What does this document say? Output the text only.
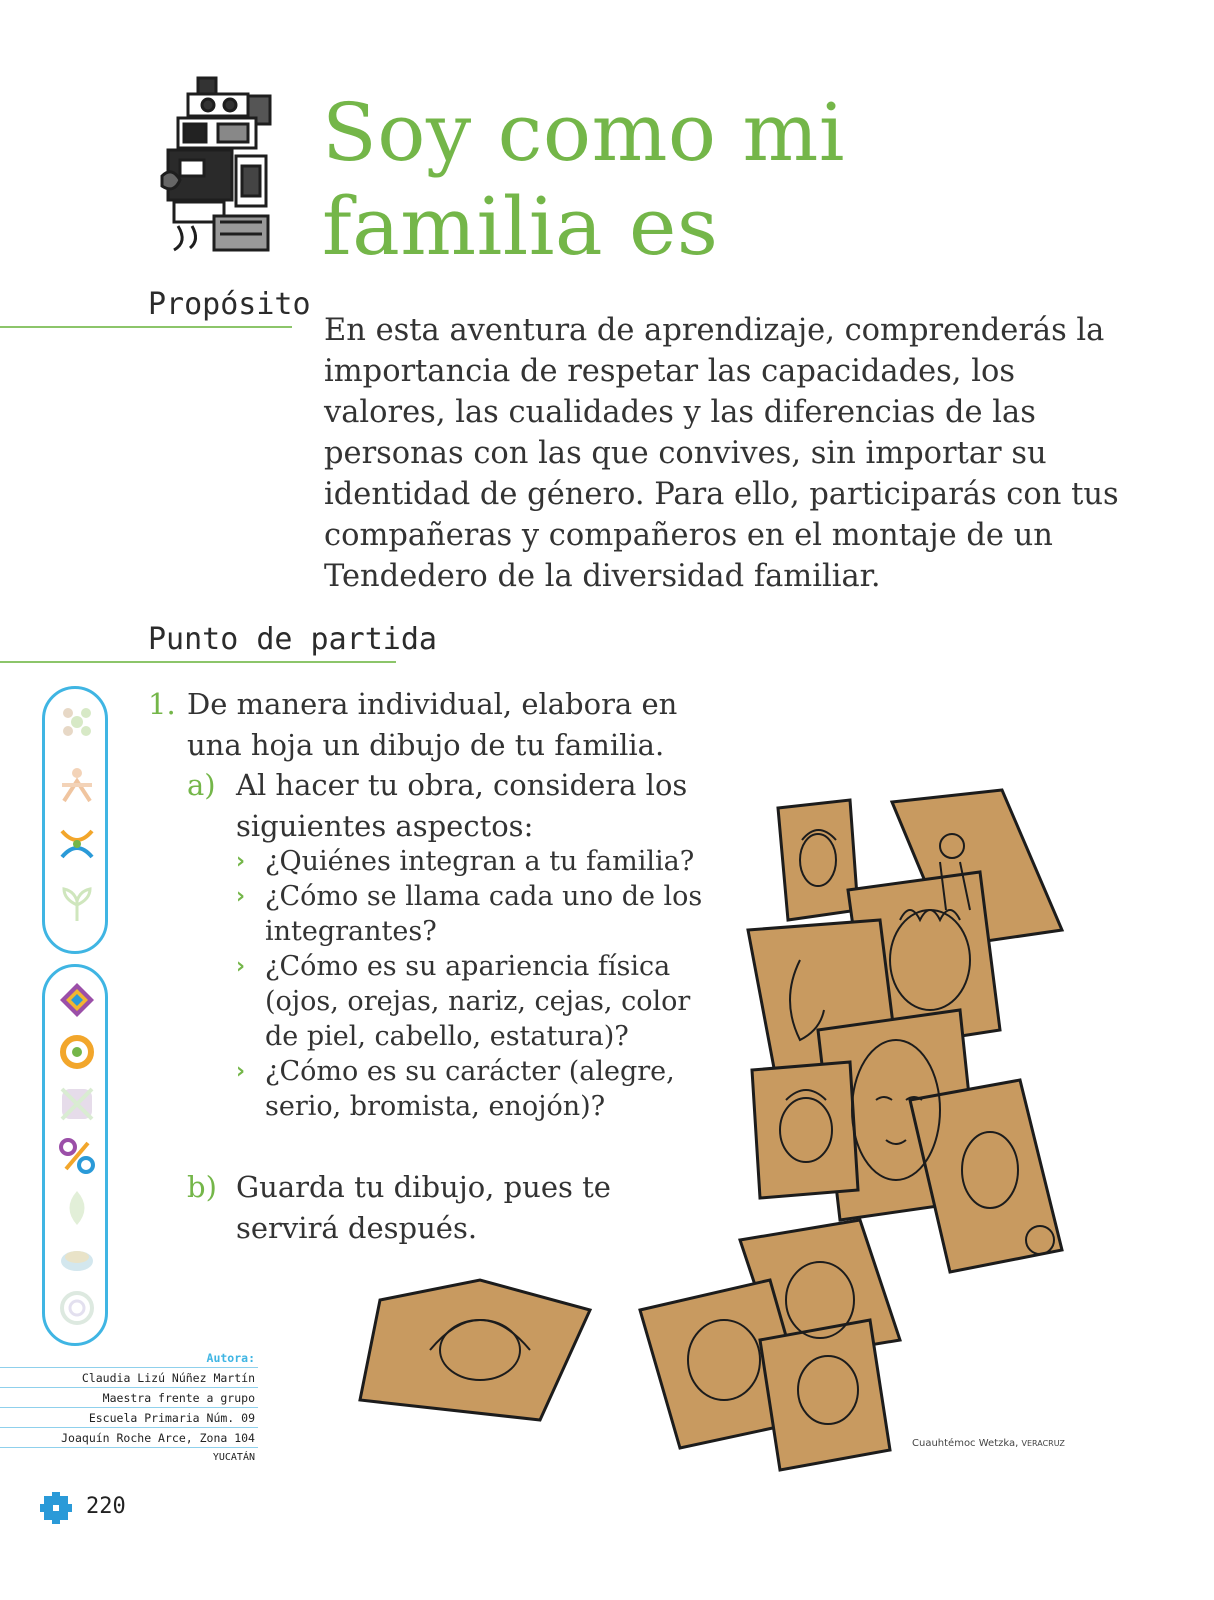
Soy como mi
familia es
Propósito
En esta aventura de aprendizaje, comprenderás la importancia de respetar las capacidades, los valores, las cualidades y las diferencias de las personas con las que convives, sin importar su identidad de género. Para ello, participarás con tus compañeras y compañeros en el montaje de un Tendedero de la diversidad familiar.
Punto de partida
1. De manera individual, elabora en
una hoja un dibujo de tu familia.
a) Al hacer tu obra, considera los
siguientes aspectos:
› ¿Quiénes integran a tu familia?
› ¿Cómo se llama cada uno de los
integrantes?
› ¿Cómo es su apariencia física
(ojos, orejas, nariz, cejas, color
de piel, cabello, estatura)?
› ¿Cómo es su carácter (alegre,
serio, bromista, enojón)?
b) Guarda tu dibujo, pues te
servirá después.
Autora:
Claudia Lizú Núñez Martín
Maestra frente a grupo
Escuela Primaria Núm. 09
Joaquín Roche Arce, Zona 104
YUCATÁN
Cuauhtémoc Wetzka, VERACRUZ
220
